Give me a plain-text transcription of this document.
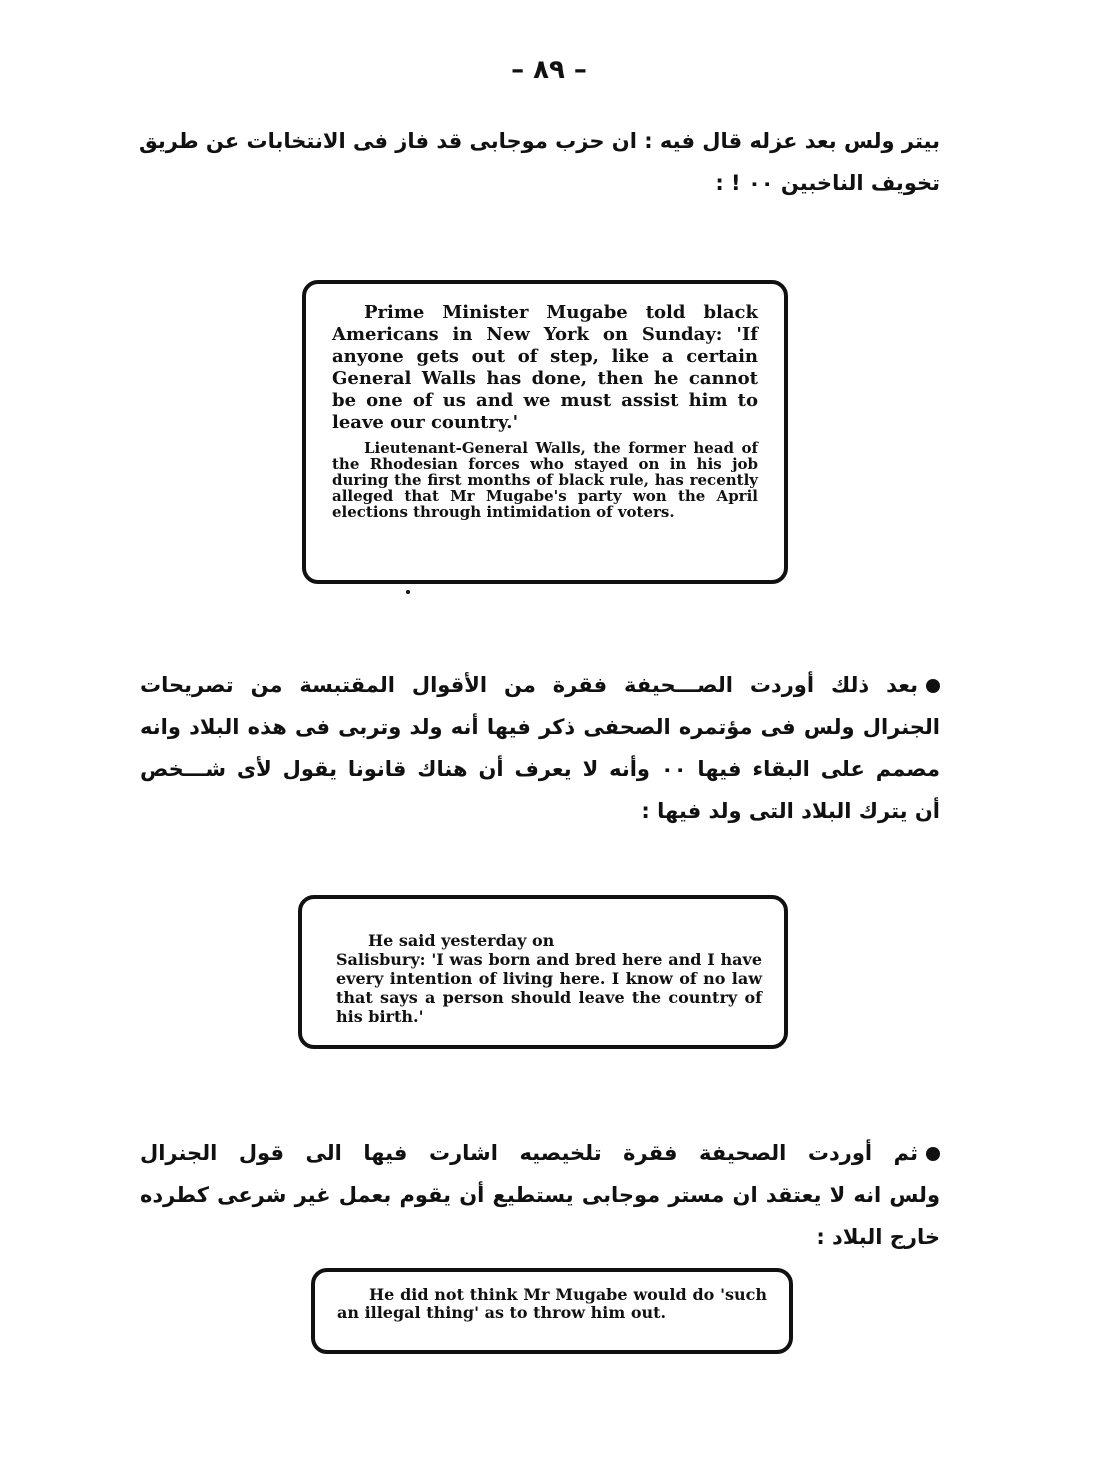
– ٨٩ –
بيتر ولس بعد عزله قال فيه : ان حزب موجابى قد فاز فى الانتخابات عن طريق
تخويف الناخبين ٠٠ ! :

Prime Minister Mugabe told black Americans in New York on Sunday: 'If anyone gets out of step, like a certain General Walls has done, then he cannot be one of us and we must assist him to leave our country.'

Lieutenant-General Walls, the former head of the Rhodesian forces who stayed on in his job during the first months of black rule, has recently alleged that Mr Mugabe's party won the April elections through intimidation of voters.

بعد ذلك أوردت الصـــحيفة فقرة من الأقوال المقتبسة من تصريحات
الجنرال ولس فى مؤتمره الصحفى ذكر فيها أنه ولد وتربى فى هذه البلاد وانه
مصمم على البقاء فيها ٠٠ وأنه لا يعرف أن هناك قانونا يقول لأى شـــخص
أن يترك البلاد التى ولد فيها :

He said yesterday on

Salisbury: 'I was born and bred here and I have every intention of living here. I know of no law that says a person should leave the country of his birth.'

ثم أوردت الصحيفة فقرة تلخيصيه اشارت فيها الى قول الجنرال
ولس انه لا يعتقد ان مستر موجابى يستطيع أن يقوم بعمل غير شرعى كطرده
خارج البلاد :

He did not think Mr Mugabe would do 'such an illegal thing' as to throw him out.
